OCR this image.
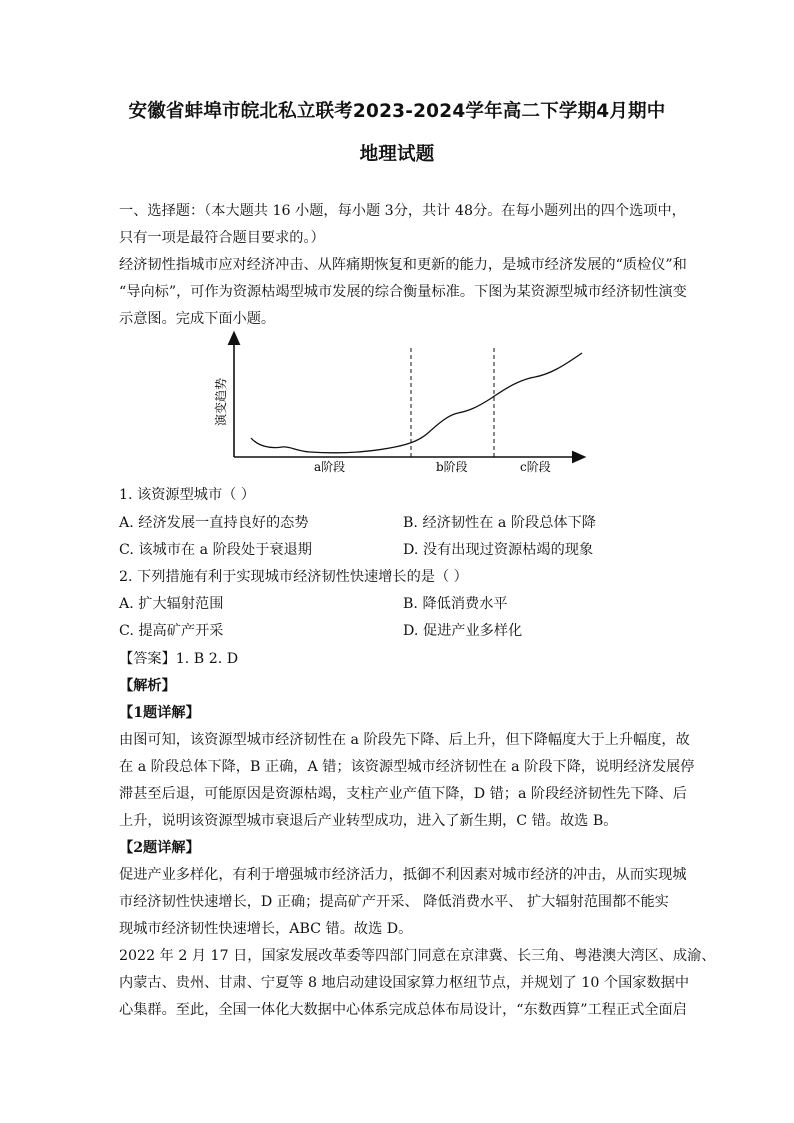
安徽省蚌埠市皖北私立联考2023-2024学年高二下学期4月期中
地理试题
一、选择题：（本大题共 16 小题，每小题 3分，共计 48分。在每小题列出的四个选项中，
只有一项是最符合题目要求的。）
经济韧性指城市应对经济冲击、从阵痛期恢复和更新的能力，是城市经济发展的“质检仪”和
“导向标”，可作为资源枯竭型城市发展的综合衡量标准。下图为某资源型城市经济韧性演变
示意图。完成下面小题。
演变趋势
a阶段	b阶段	c阶段
1. 该资源型城市（ ）
A. 经济发展一直持良好的态势	B. 经济韧性在 a 阶段总体下降
C. 该城市在 a 阶段处于衰退期	D. 没有出现过资源枯竭的现象
2. 下列措施有利于实现城市经济韧性快速增长的是（ ）
A. 扩大辐射范围	B. 降低消费水平
C. 提高矿产开采	D. 促进产业多样化
【答案】1. B 2. D
【解析】
【1题详解】
由图可知，该资源型城市经济韧性在 a 阶段先下降、后上升，但下降幅度大于上升幅度，故
在 a 阶段总体下降，B 正确，A 错；该资源型城市经济韧性在 a 阶段下降，说明经济发展停
滞甚至后退，可能原因是资源枯竭，支柱产业产值下降，D 错；a 阶段经济韧性先下降、后
上升，说明该资源型城市衰退后产业转型成功，进入了新生期，C 错。故选 B。
【2题详解】
促进产业多样化，有利于增强城市经济活力，抵御不利因素对城市经济的冲击，从而实现城
市经济韧性快速增长，D 正确；提高矿产开采、 降低消费水平、 扩大辐射范围都不能实
现城市经济韧性快速增长，ABC 错。故选 D。
2022 年 2 月 17 日，国家发展改革委等四部门同意在京津冀、长三角、粤港澳大湾区、成渝、
内蒙古、贵州、甘肃、宁夏等 8 地启动建设国家算力枢纽节点，并规划了 10 个国家数据中
心集群。至此，全国一体化大数据中心体系完成总体布局设计，“东数西算”工程正式全面启
